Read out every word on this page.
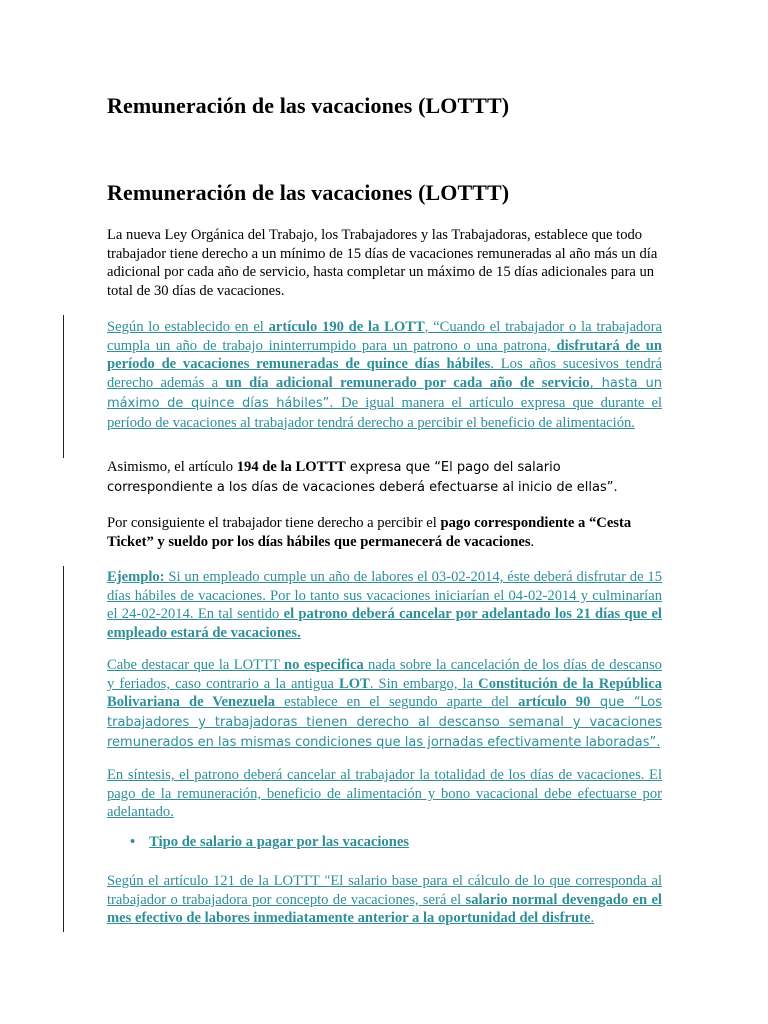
Remuneración de las vacaciones (LOTTT)
Remuneración de las vacaciones (LOTTT)

La nueva Ley Orgánica del Trabajo, los Trabajadores y las Trabajadoras, establece que todo trabajador tiene derecho a un mínimo de 15 días de vacaciones remuneradas al año más un día adicional por cada año de servicio, hasta completar un máximo de 15 días adicionales para un total de 30 días de vacaciones.

Según lo establecido en el artículo 190 de la LOTT, “Cuando el trabajador o la trabajadora cumpla un año de trabajo ininterrumpido para un patrono o una patrona, disfrutará de un período de vacaciones remuneradas de quince días hábiles. Los años sucesivos tendrá derecho además a un día adicional remunerado por cada año de servicio, hasta un máximo de quince días hábiles”. De igual manera el artículo expresa que durante el período de vacaciones al trabajador tendrá derecho a percibir el beneficio de alimentación.

Asimismo, el artículo 194 de la LOTTT expresa que “El pago del salario correspondiente a los días de vacaciones deberá efectuarse al inicio de ellas”.

Por consiguiente el trabajador tiene derecho a percibir el pago correspondiente a “Cesta Ticket” y sueldo por los días hábiles que permanecerá de vacaciones.

Ejemplo: Si un empleado cumple un año de labores el 03-02-2014, éste deberá disfrutar de 15 días hábiles de vacaciones. Por lo tanto sus vacaciones iniciarían el 04-02-2014 y culminarían el 24-02-2014. En tal sentido el patrono deberá cancelar por adelantado los 21 días que el empleado estará de vacaciones.

Cabe destacar que la LOTTT no especifica nada sobre la cancelación de los días de descanso y feriados, caso contrario a la antigua LOT. Sin embargo, la Constitución de la República Bolivariana de Venezuela establece en el segundo aparte del artículo 90 que “Los trabajadores y trabajadoras tienen derecho al descanso semanal y vacaciones remunerados en las mismas condiciones que las jornadas efectivamente laboradas”.

En síntesis, el patrono deberá cancelar al trabajador la totalidad de los días de vacaciones. El pago de la remuneración, beneficio de alimentación y bono vacacional debe efectuarse por adelantado.

• Tipo de salario a pagar por las vacaciones

Según el artículo 121 de la LOTTT "El salario base para el cálculo de lo que corresponda al trabajador o trabajadora por concepto de vacaciones, será el salario normal devengado en el mes efectivo de labores inmediatamente anterior a la oportunidad del disfrute.
